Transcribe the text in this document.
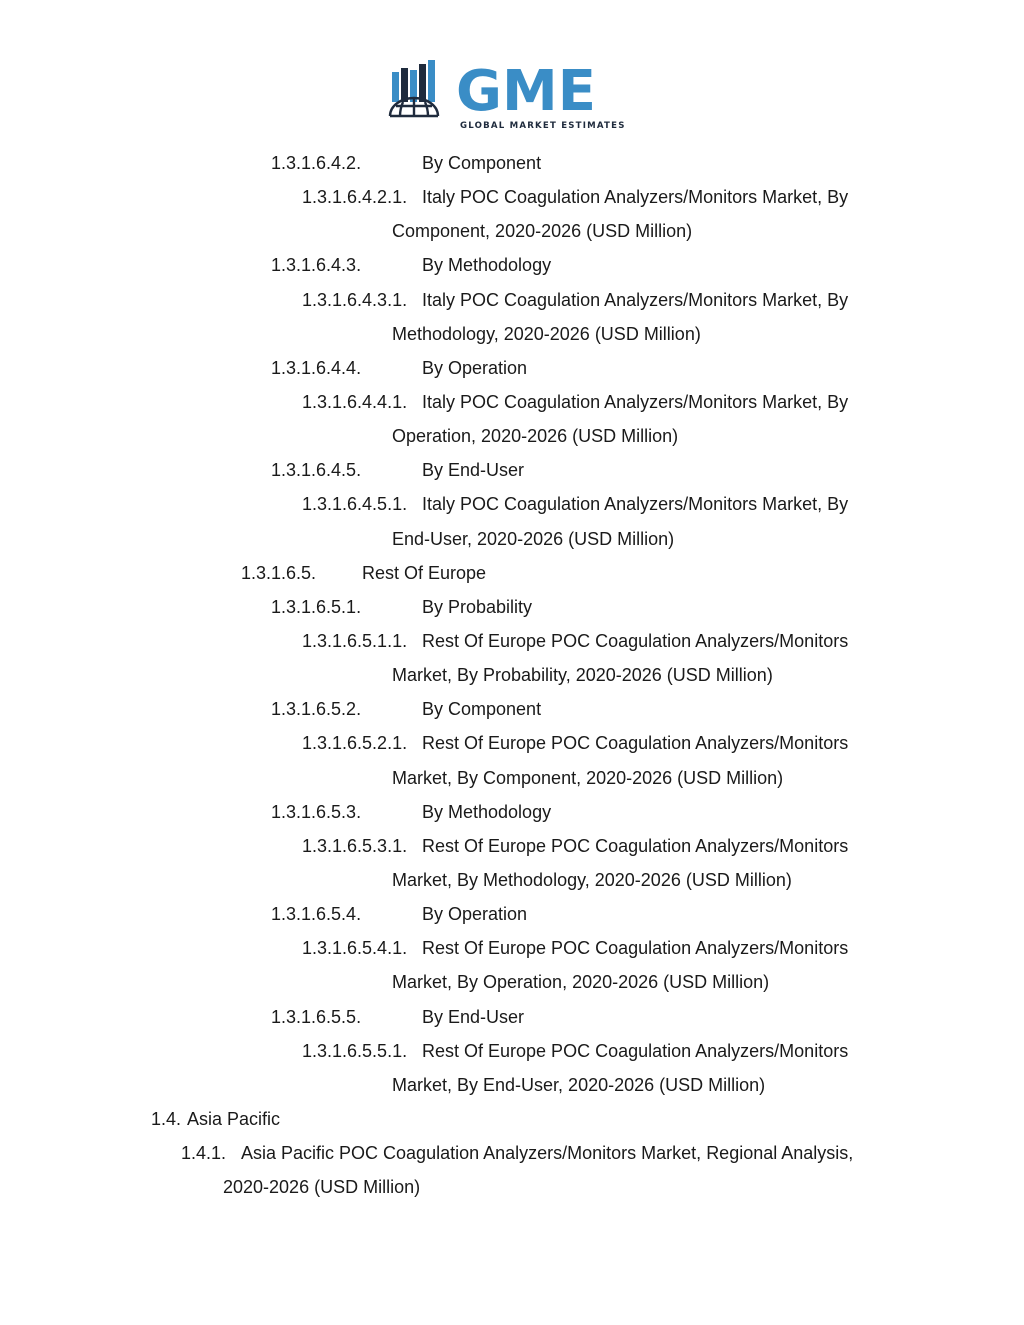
GME
GLOBAL MARKET ESTIMATES
1.3.1.6.4.2.	By Component
1.3.1.6.4.2.1. Italy POC Coagulation Analyzers/Monitors Market, By
Component, 2020-2026 (USD Million)
1.3.1.6.4.3.	By Methodology
1.3.1.6.4.3.1. Italy POC Coagulation Analyzers/Monitors Market, By
Methodology, 2020-2026 (USD Million)
1.3.1.6.4.4.	By Operation
1.3.1.6.4.4.1. Italy POC Coagulation Analyzers/Monitors Market, By
Operation, 2020-2026 (USD Million)
1.3.1.6.4.5.	By End-User
1.3.1.6.4.5.1. Italy POC Coagulation Analyzers/Monitors Market, By
End-User, 2020-2026 (USD Million)
1.3.1.6.5.	Rest Of Europe
1.3.1.6.5.1.	By Probability
1.3.1.6.5.1.1. Rest Of Europe POC Coagulation Analyzers/Monitors
Market, By Probability, 2020-2026 (USD Million)
1.3.1.6.5.2.	By Component
1.3.1.6.5.2.1. Rest Of Europe POC Coagulation Analyzers/Monitors
Market, By Component, 2020-2026 (USD Million)
1.3.1.6.5.3.	By Methodology
1.3.1.6.5.3.1. Rest Of Europe POC Coagulation Analyzers/Monitors
Market, By Methodology, 2020-2026 (USD Million)
1.3.1.6.5.4.	By Operation
1.3.1.6.5.4.1. Rest Of Europe POC Coagulation Analyzers/Monitors
Market, By Operation, 2020-2026 (USD Million)
1.3.1.6.5.5.	By End-User
1.3.1.6.5.5.1. Rest Of Europe POC Coagulation Analyzers/Monitors
Market, By End-User, 2020-2026 (USD Million)
1.4. Asia Pacific
1.4.1. Asia Pacific POC Coagulation Analyzers/Monitors Market, Regional Analysis,
2020-2026 (USD Million)
